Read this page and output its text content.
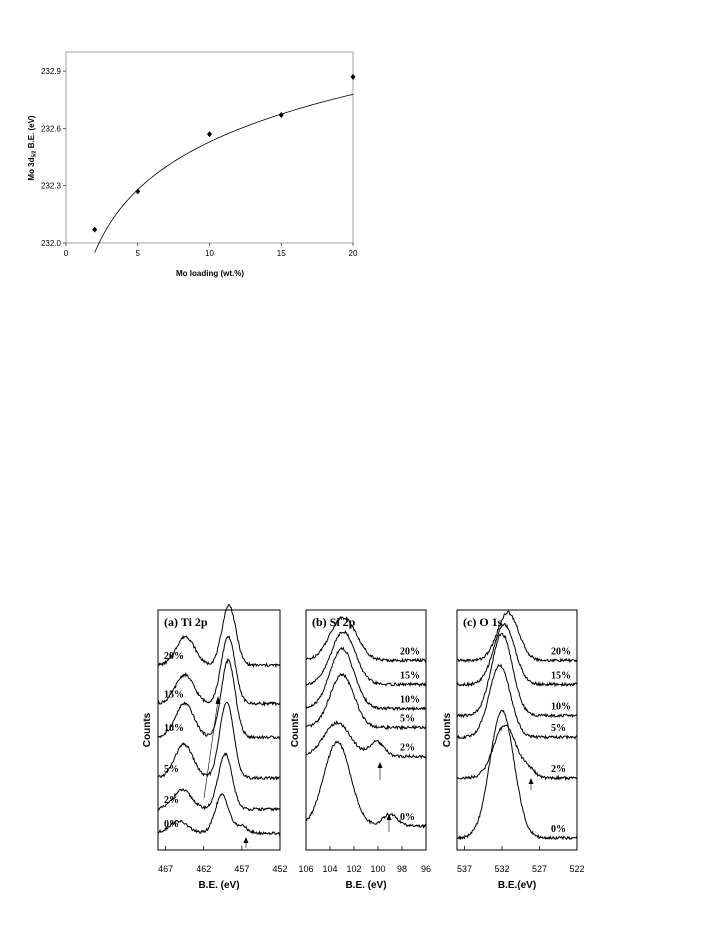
232.0
232.3
232.6
232.9
0	5	10	15	20
Mo loading (wt.%)
Mo 3d5/2 B.E. (eV)
(a) Ti 2p
20%
15%
10%
5%
2%
0%
467	462	457	452
B.E. (eV)
Counts
(b) Si 2p
20%
15%
10%
5%
2%
0%
106 104 102 100 98 96
B.E. (eV)
Counts
(c) O 1s
20%
15%
10%
5%
2%
0%
537 532 527 522
B.E.(eV)
Counts
